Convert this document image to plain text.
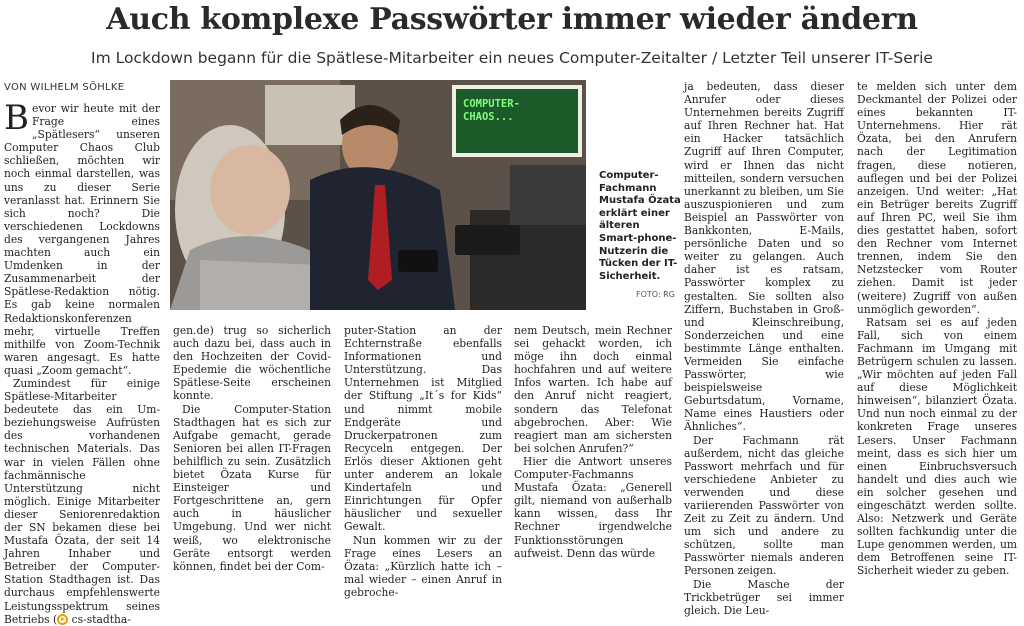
Auch komplexe Passwörter immer wieder ändern
Im Lockdown begann für die Spätlese-Mitarbeiter ein neues Computer-Zeitalter / Letzter Teil unserer IT-Serie
VON WILHELM SÖHLKE

Bevor wir heute mit der Frage eines „Spätlesers“ unseren Computer Chaos Club schließen, möchten wir noch einmal darstellen, was uns zu dieser Serie veranlasst hat. Erinnern Sie sich noch? Die verschiedenen Lockdowns des vergangenen Jahres machten auch ein Umdenken in der Zusammenarbeit der Spätlese-Redaktion nötig. Es gab keine normalen Redaktionskonferenzen mehr, virtuelle Treffen mithilfe von Zoom-Technik waren angesagt. Es hatte quasi „Zoom gemacht“.

Zumindest für einige Spätlese-Mitarbeiter bedeutete das ein Um- beziehungsweise Aufrüsten des vorhandenen technischen Materials. Das war in vielen Fällen ohne fachmännische Unterstützung nicht möglich. Einige Mitarbeiter dieser Seniorenredaktion der SN bekamen diese bei Mustafa Özata, der seit 14 Jahren Inhaber und Betreiber der Computer-Station Stadthagen ist. Das durchaus empfehlenswerte Leistungsspektrum seines Betriebs ( cs-stadtha-

COMPUTER-
CHAOS...
Computer-Fachmann Mustafa Özata erklärt einer älteren Smart-phone-Nutzerin die Tücken der IT-Sicherheit.
FOTO: RG

gen.de) trug so sicherlich auch dazu bei, dass auch in den Hochzeiten der Covid-Epedemie die wöchentliche Spätlese-Seite erscheinen konnte.

Die Computer-Station Stadthagen hat es sich zur Aufgabe gemacht, gerade Senioren bei allen IT-Fragen behilflich zu sein. Zusätzlich bietet Özata Kurse für Einsteiger und Fortgeschrittene an, gern auch in häuslicher Umgebung. Und wer nicht weiß, wo elektronische Geräte entsorgt werden können, findet bei der Com-

puter-Station an der Echternstraße ebenfalls Informationen und Unterstützung. Das Unternehmen ist Mitglied der Stiftung „It´s for Kids“ und nimmt mobile Endgeräte und Druckerpatronen zum Recyceln entgegen. Der Erlös dieser Aktionen geht unter anderem an lokale Kindertafeln und Einrichtungen für Opfer häuslicher und sexueller Gewalt.

Nun kommen wir zu der Frage eines Lesers an Özata: „Kürzlich hatte ich – mal wieder – einen Anruf in gebroche-

nem Deutsch, mein Rechner sei gehackt worden, ich möge ihn doch einmal hochfahren und auf weitere Infos warten. Ich habe auf den Anruf nicht reagiert, sondern das Telefonat abgebrochen. Aber: Wie reagiert man am sichersten bei solchen Anrufen?“

Hier die Antwort unseres Computer-Fachmanns Mustafa Özata: „Generell gilt, niemand von außerhalb kann wissen, dass Ihr Rechner irgendwelche Funktionsstörungen aufweist. Denn das würde

ja bedeuten, dass dieser Anrufer oder dieses Unternehmen bereits Zugriff auf Ihren Rechner hat. Hat ein Hacker tatsächlich Zugriff auf Ihren Computer, wird er Ihnen das nicht mitteilen, sondern versuchen unerkannt zu bleiben, um Sie auszuspionieren und zum Beispiel an Passwörter von Bankkonten, E-Mails, persönliche Daten und so weiter zu gelangen. Auch daher ist es ratsam, Passwörter komplex zu gestalten. Sie sollten also Ziffern, Buchstaben in Groß- und Kleinschreibung, Sonderzeichen und eine bestimmte Länge enthalten. Vermeiden Sie einfache Passwörter, wie beispielsweise Geburtsdatum, Vorname, Name eines Haustiers oder Ähnliches“.

Der Fachmann rät außerdem, nicht das gleiche Passwort mehrfach und für verschiedene Anbieter zu verwenden und diese variierenden Passwörter von Zeit zu Zeit zu ändern. Und um sich und andere zu schützen, sollte man Passwörter niemals anderen Personen zeigen.

Die Masche der Trickbetrüger sei immer gleich. Die Leu-

te melden sich unter dem Deckmantel der Polizei oder eines bekannten IT-Unternehmens. Hier rät Özata, bei den Anrufern nach der Legitimation fragen, diese notieren, auflegen und bei der Polizei anzeigen. Und weiter: „Hat ein Betrüger bereits Zugriff auf Ihren PC, weil Sie ihm dies gestattet haben, sofort den Rechner vom Internet trennen, indem Sie den Netzstecker vom Router ziehen. Damit ist jeder (weitere) Zugriff von außen unmöglich geworden“.

Ratsam sei es auf jeden Fall, sich von einem Fachmann im Umgang mit Betrügern schulen zu lassen. „Wir möchten auf jeden Fall auf diese Möglichkeit hinweisen“, bilanziert Özata. Und nun noch einmal zu der konkreten Frage unseres Lesers. Unser Fachmann meint, dass es sich hier um einen Einbruchsversuch handelt und dies auch wie ein solcher gesehen und eingeschätzt werden sollte. Also: Netzwerk und Geräte sollten fachkundig unter die Lupe genommen werden, um dem Betroffenen seine IT-Sicherheit wieder zu geben.
